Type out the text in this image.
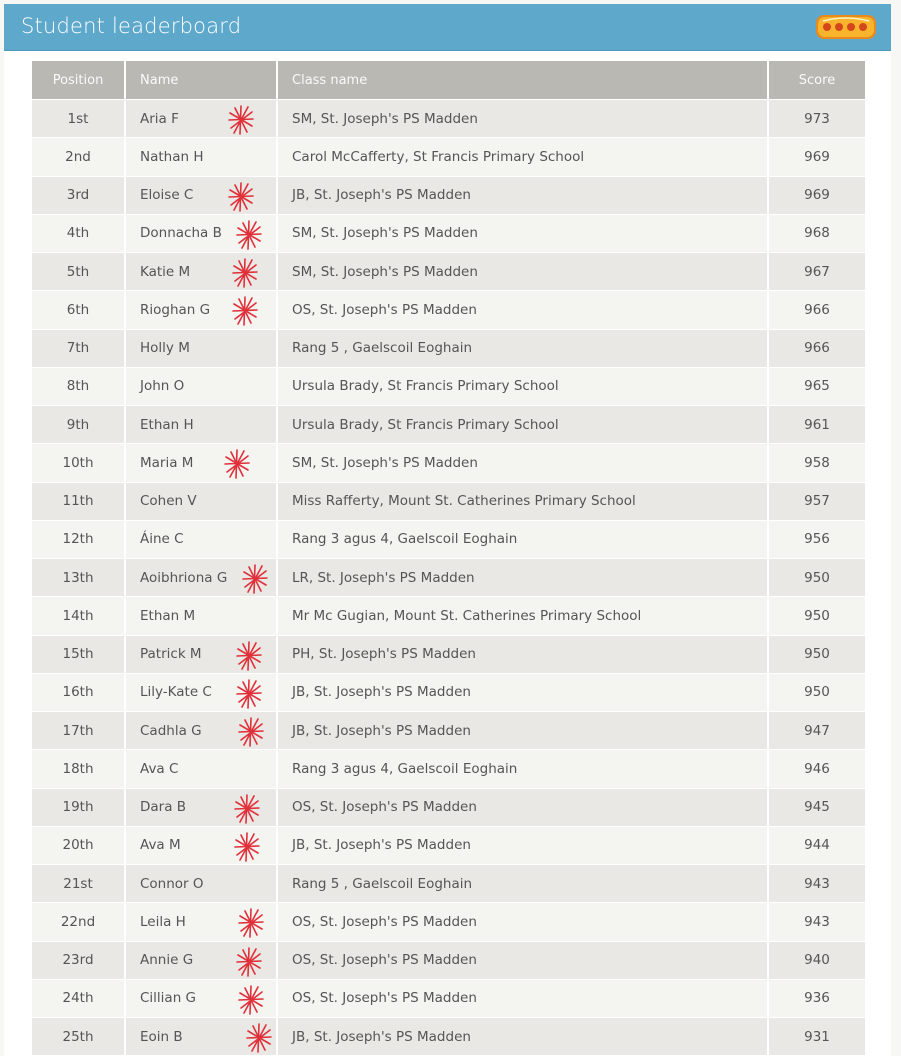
Student leaderboard
Position	Name	Class name	Score
1st	Aria F	SM, St. Joseph's PS Madden	973
2nd	Nathan H	Carol McCafferty, St Francis Primary School	969
3rd	Eloise C	JB, St. Joseph's PS Madden	969
4th	Donnacha B	SM, St. Joseph's PS Madden	968
5th	Katie M	SM, St. Joseph's PS Madden	967
6th	Rioghan G	OS, St. Joseph's PS Madden	966
7th	Holly M	Rang 5 , Gaelscoil Eoghain	966
8th	John O	Ursula Brady, St Francis Primary School	965
9th	Ethan H	Ursula Brady, St Francis Primary School	961
10th	Maria M	SM, St. Joseph's PS Madden	958
11th	Cohen V	Miss Rafferty, Mount St. Catherines Primary School	957
12th	Áine C	Rang 3 agus 4, Gaelscoil Eoghain	956
13th	Aoibhriona G	LR, St. Joseph's PS Madden	950
14th	Ethan M	Mr Mc Gugian, Mount St. Catherines Primary School	950
15th	Patrick M	PH, St. Joseph's PS Madden	950
16th	Lily-Kate C	JB, St. Joseph's PS Madden	950
17th	Cadhla G	JB, St. Joseph's PS Madden	947
18th	Ava C	Rang 3 agus 4, Gaelscoil Eoghain	946
19th	Dara B	OS, St. Joseph's PS Madden	945
20th	Ava M	JB, St. Joseph's PS Madden	944
21st	Connor O	Rang 5 , Gaelscoil Eoghain	943
22nd	Leila H	OS, St. Joseph's PS Madden	943
23rd	Annie G	OS, St. Joseph's PS Madden	940
24th	Cillian G	OS, St. Joseph's PS Madden	936
25th	Eoin B	JB, St. Joseph's PS Madden	931
